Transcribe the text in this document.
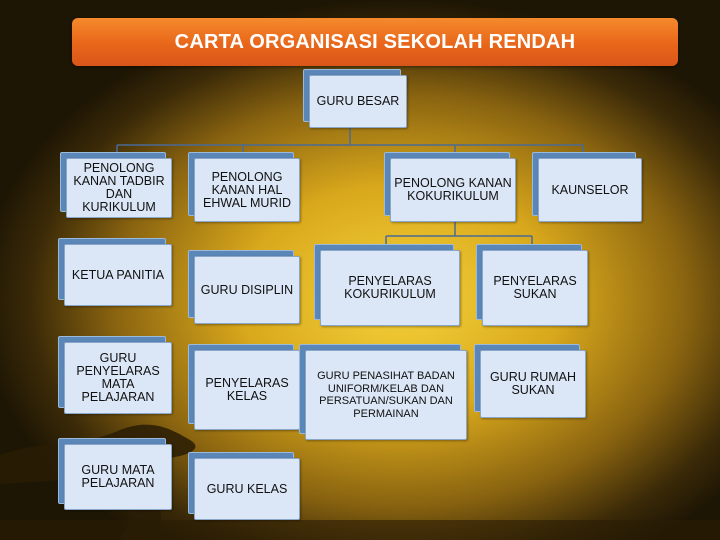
CARTA ORGANISASI SEKOLAH RENDAH
GURU BESAR
PENOLONG KANAN TADBIR DAN KURIKULUM
PENOLONG KANAN HAL EHWAL MURID
PENOLONG KANAN KOKURIKULUM	KAUNSELOR
KETUA PANITIA
GURU DISIPLIN
PENYELARAS KOKURIKULUM
PENYELARAS SUKAN
GURU PENYELARAS MATA PELAJARAN
PENYELARAS KELAS
GURU PENASIHAT BADAN UNIFORM/KELAB DAN PERSATUAN/SUKAN DAN PERMAINAN
GURU RUMAH SUKAN
GURU MATA PELAJARAN	GURU KELAS
